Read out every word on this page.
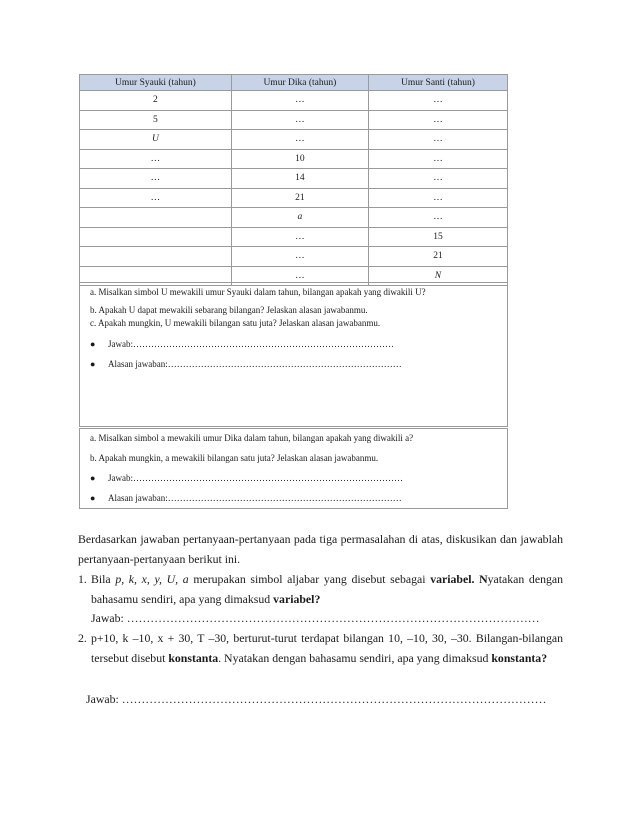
Umur Syauki (tahun)	Umur Dika (tahun)	Umur Santi (tahun)
2	…	…
5	…	…
U	…	…
…	10	…
…	14	…
…	21	…
	a	…
	…	15
	…	21
	…	N
a. Misalkan simbol U mewakili umur Syauki dalam tahun, bilangan apakah yang diwakili U?
b. Apakah U dapat mewakili sebarang bilangan? Jelaskan alasan jawabanmu.
c. Apakah mungkin, U mewakili bilangan satu juta? Jelaskan alasan jawabanmu.
● Jawab:……………………………………………………………………………
● Alasan jawaban:……………………………………………………………………
a. Misalkan simbol a mewakili umur Dika dalam tahun, bilangan apakah yang diwakili a?
b. Apakah mungkin, a mewakili bilangan satu juta? Jelaskan alasan jawabanmu.
● Jawab:………………………………………………………………………………
● Alasan jawaban:……………………………………………………………………
Berdasarkan jawaban pertanyaan-pertanyaan pada tiga permasalahan di atas, diskusikan dan jawablah pertanyaan-pertanyaan berikut ini.
1. Bila p, k, x, y, U, a merupakan simbol aljabar yang disebut sebagai variabel. Nyatakan dengan bahasamu sendiri, apa yang dimaksud variabel?
Jawab: ……………………………………………………………………………………………
2. p+10, k –10, x + 30, T –30, berturut-turut terdapat bilangan 10, –10, 30, –30. Bilangan-bilangan tersebut disebut konstanta. Nyatakan dengan bahasamu sendiri, apa yang dimaksud konstanta?
Jawab: ………………………………………………………………………………………………
